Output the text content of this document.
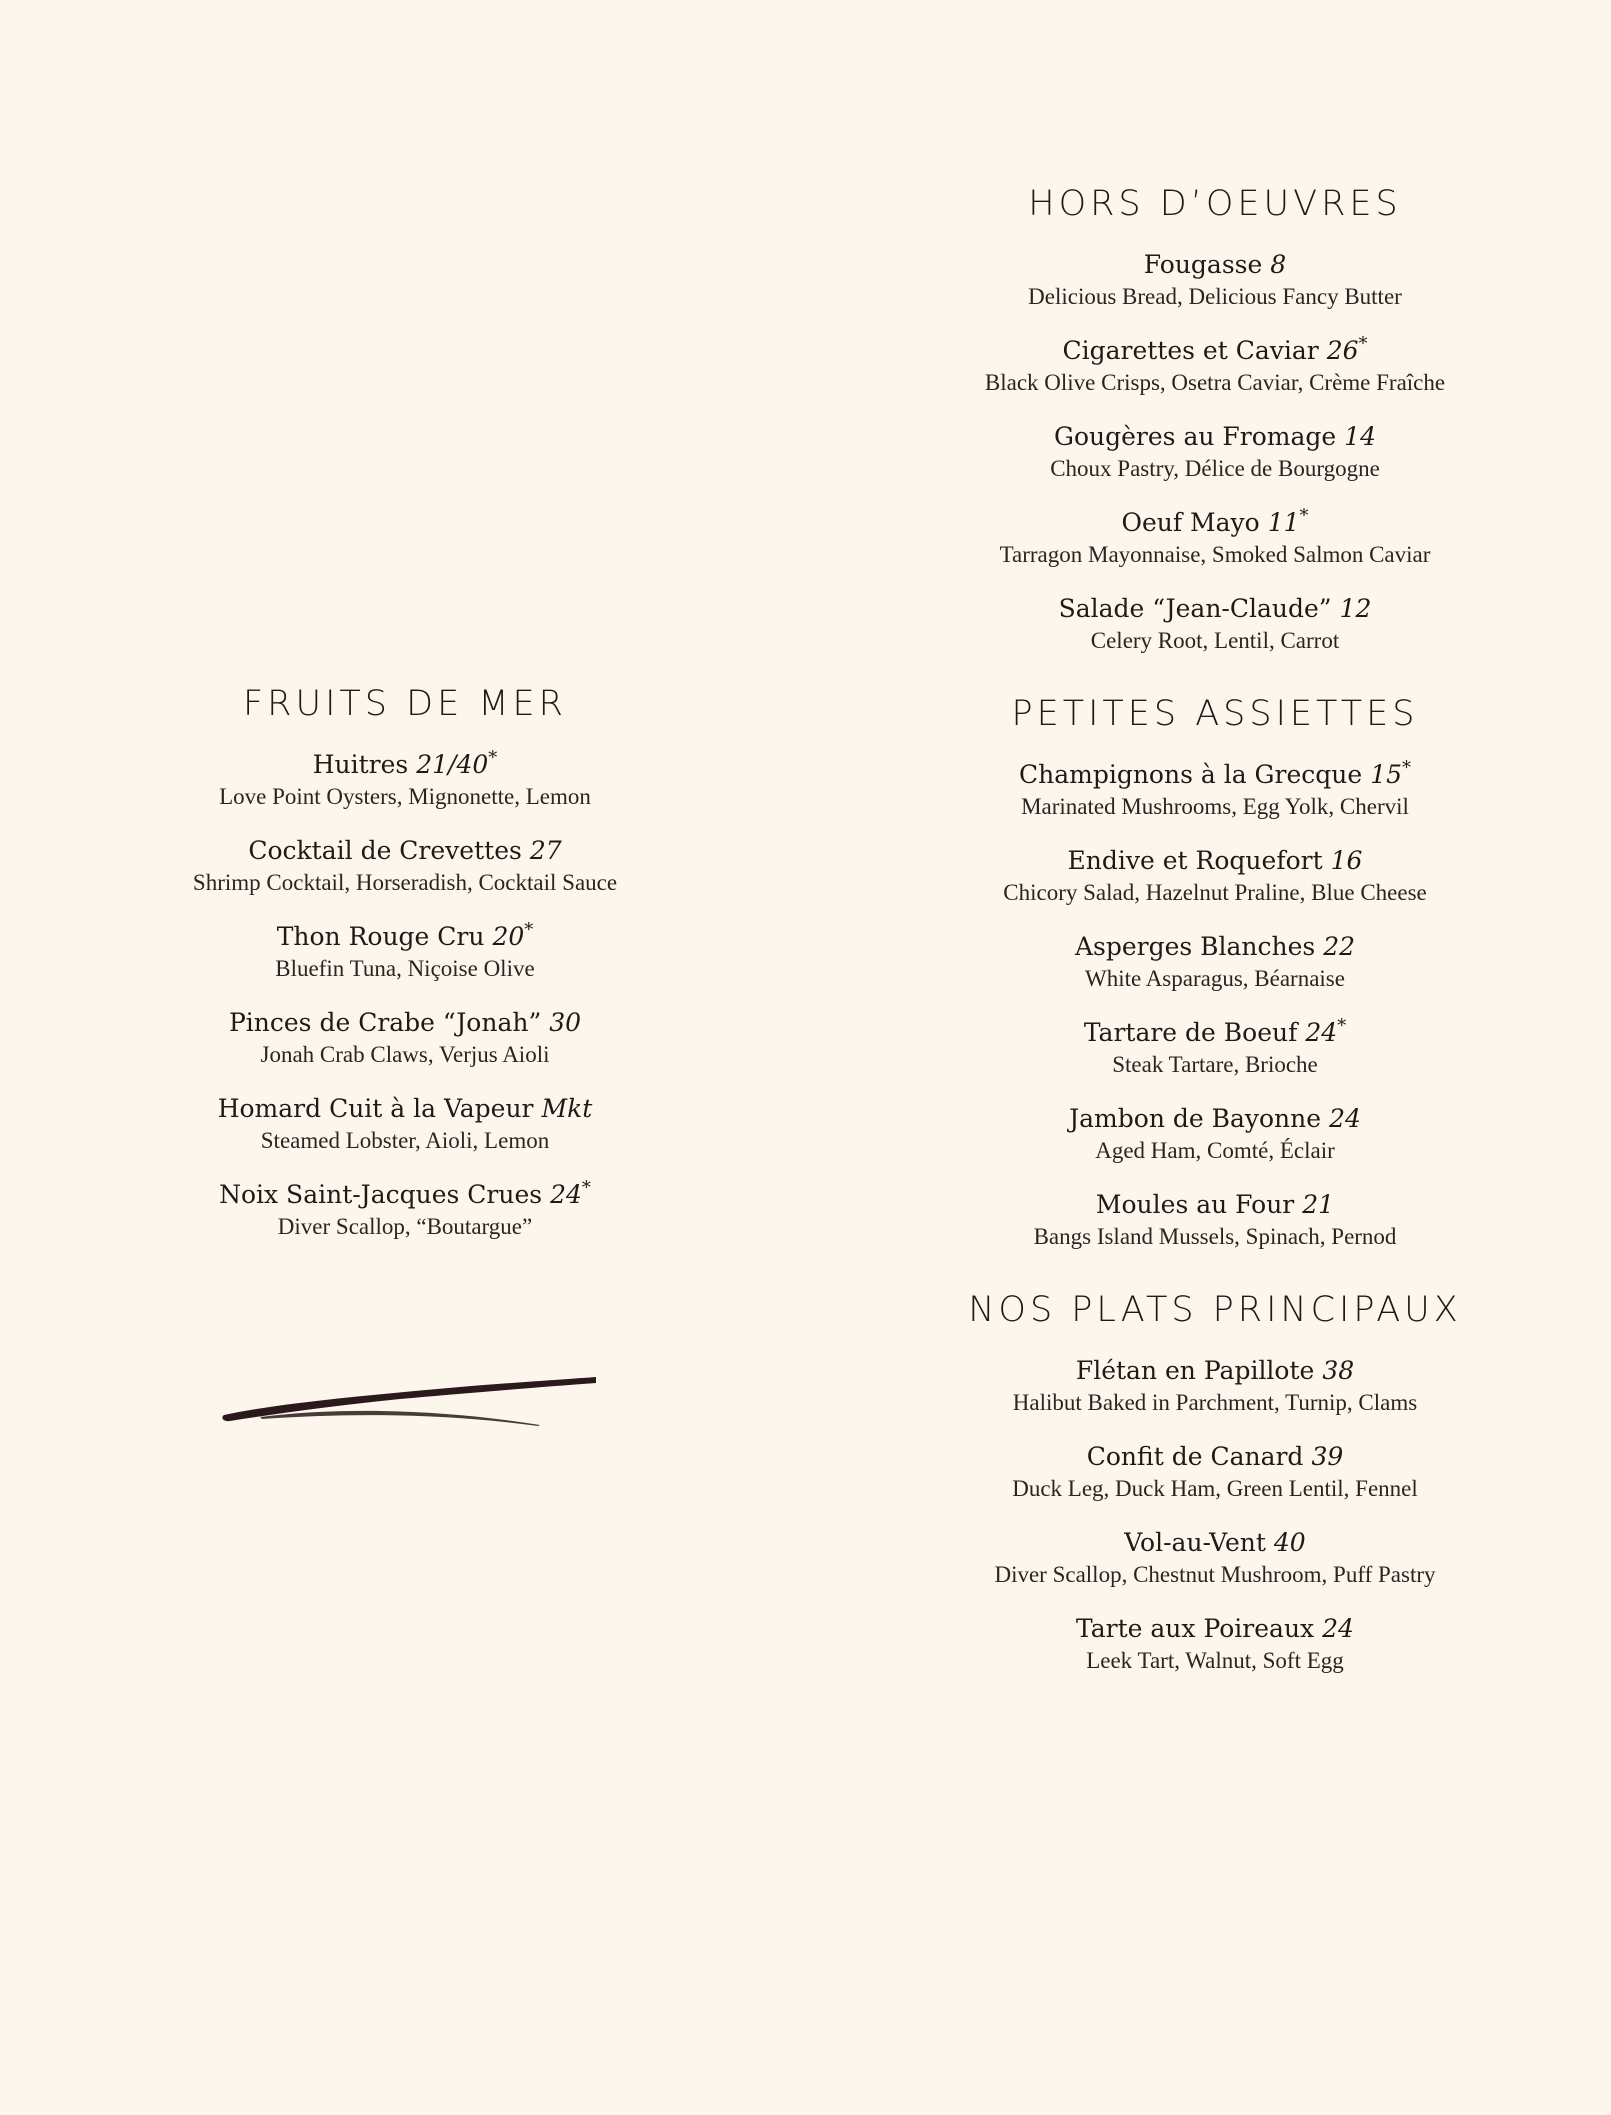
FRUITS DE MER
Huitres 21/40*
Love Point Oysters, Mignonette, Lemon
Cocktail de Crevettes 27
Shrimp Cocktail, Horseradish, Cocktail Sauce
Thon Rouge Cru 20*
Bluefin Tuna, Niçoise Olive
Pinces de Crabe “Jonah” 30
Jonah Crab Claws, Verjus Aioli
Homard Cuit à la Vapeur Mkt
Steamed Lobster, Aioli, Lemon
Noix Saint-Jacques Crues 24*
Diver Scallop, “Boutargue”
HORS D’OEUVRES
Fougasse 8
Delicious Bread, Delicious Fancy Butter
Cigarettes et Caviar 26*
Black Olive Crisps, Osetra Caviar, Crème Fraîche
Gougères au Fromage 14
Choux Pastry, Délice de Bourgogne
Oeuf Mayo 11*
Tarragon Mayonnaise, Smoked Salmon Caviar
Salade “Jean-Claude” 12
Celery Root, Lentil, Carrot
PETITES ASSIETTES
Champignons à la Grecque 15*
Marinated Mushrooms, Egg Yolk, Chervil
Endive et Roquefort 16
Chicory Salad, Hazelnut Praline, Blue Cheese
Asperges Blanches 22
White Asparagus, Béarnaise
Tartare de Boeuf 24*
Steak Tartare, Brioche
Jambon de Bayonne 24
Aged Ham, Comté, Éclair
Moules au Four 21
Bangs Island Mussels, Spinach, Pernod
NOS PLATS PRINCIPAUX
Flétan en Papillote 38
Halibut Baked in Parchment, Turnip, Clams
Confit de Canard 39
Duck Leg, Duck Ham, Green Lentil, Fennel
Vol-au-Vent 40
Diver Scallop, Chestnut Mushroom, Puff Pastry
Tarte aux Poireaux 24
Leek Tart, Walnut, Soft Egg
